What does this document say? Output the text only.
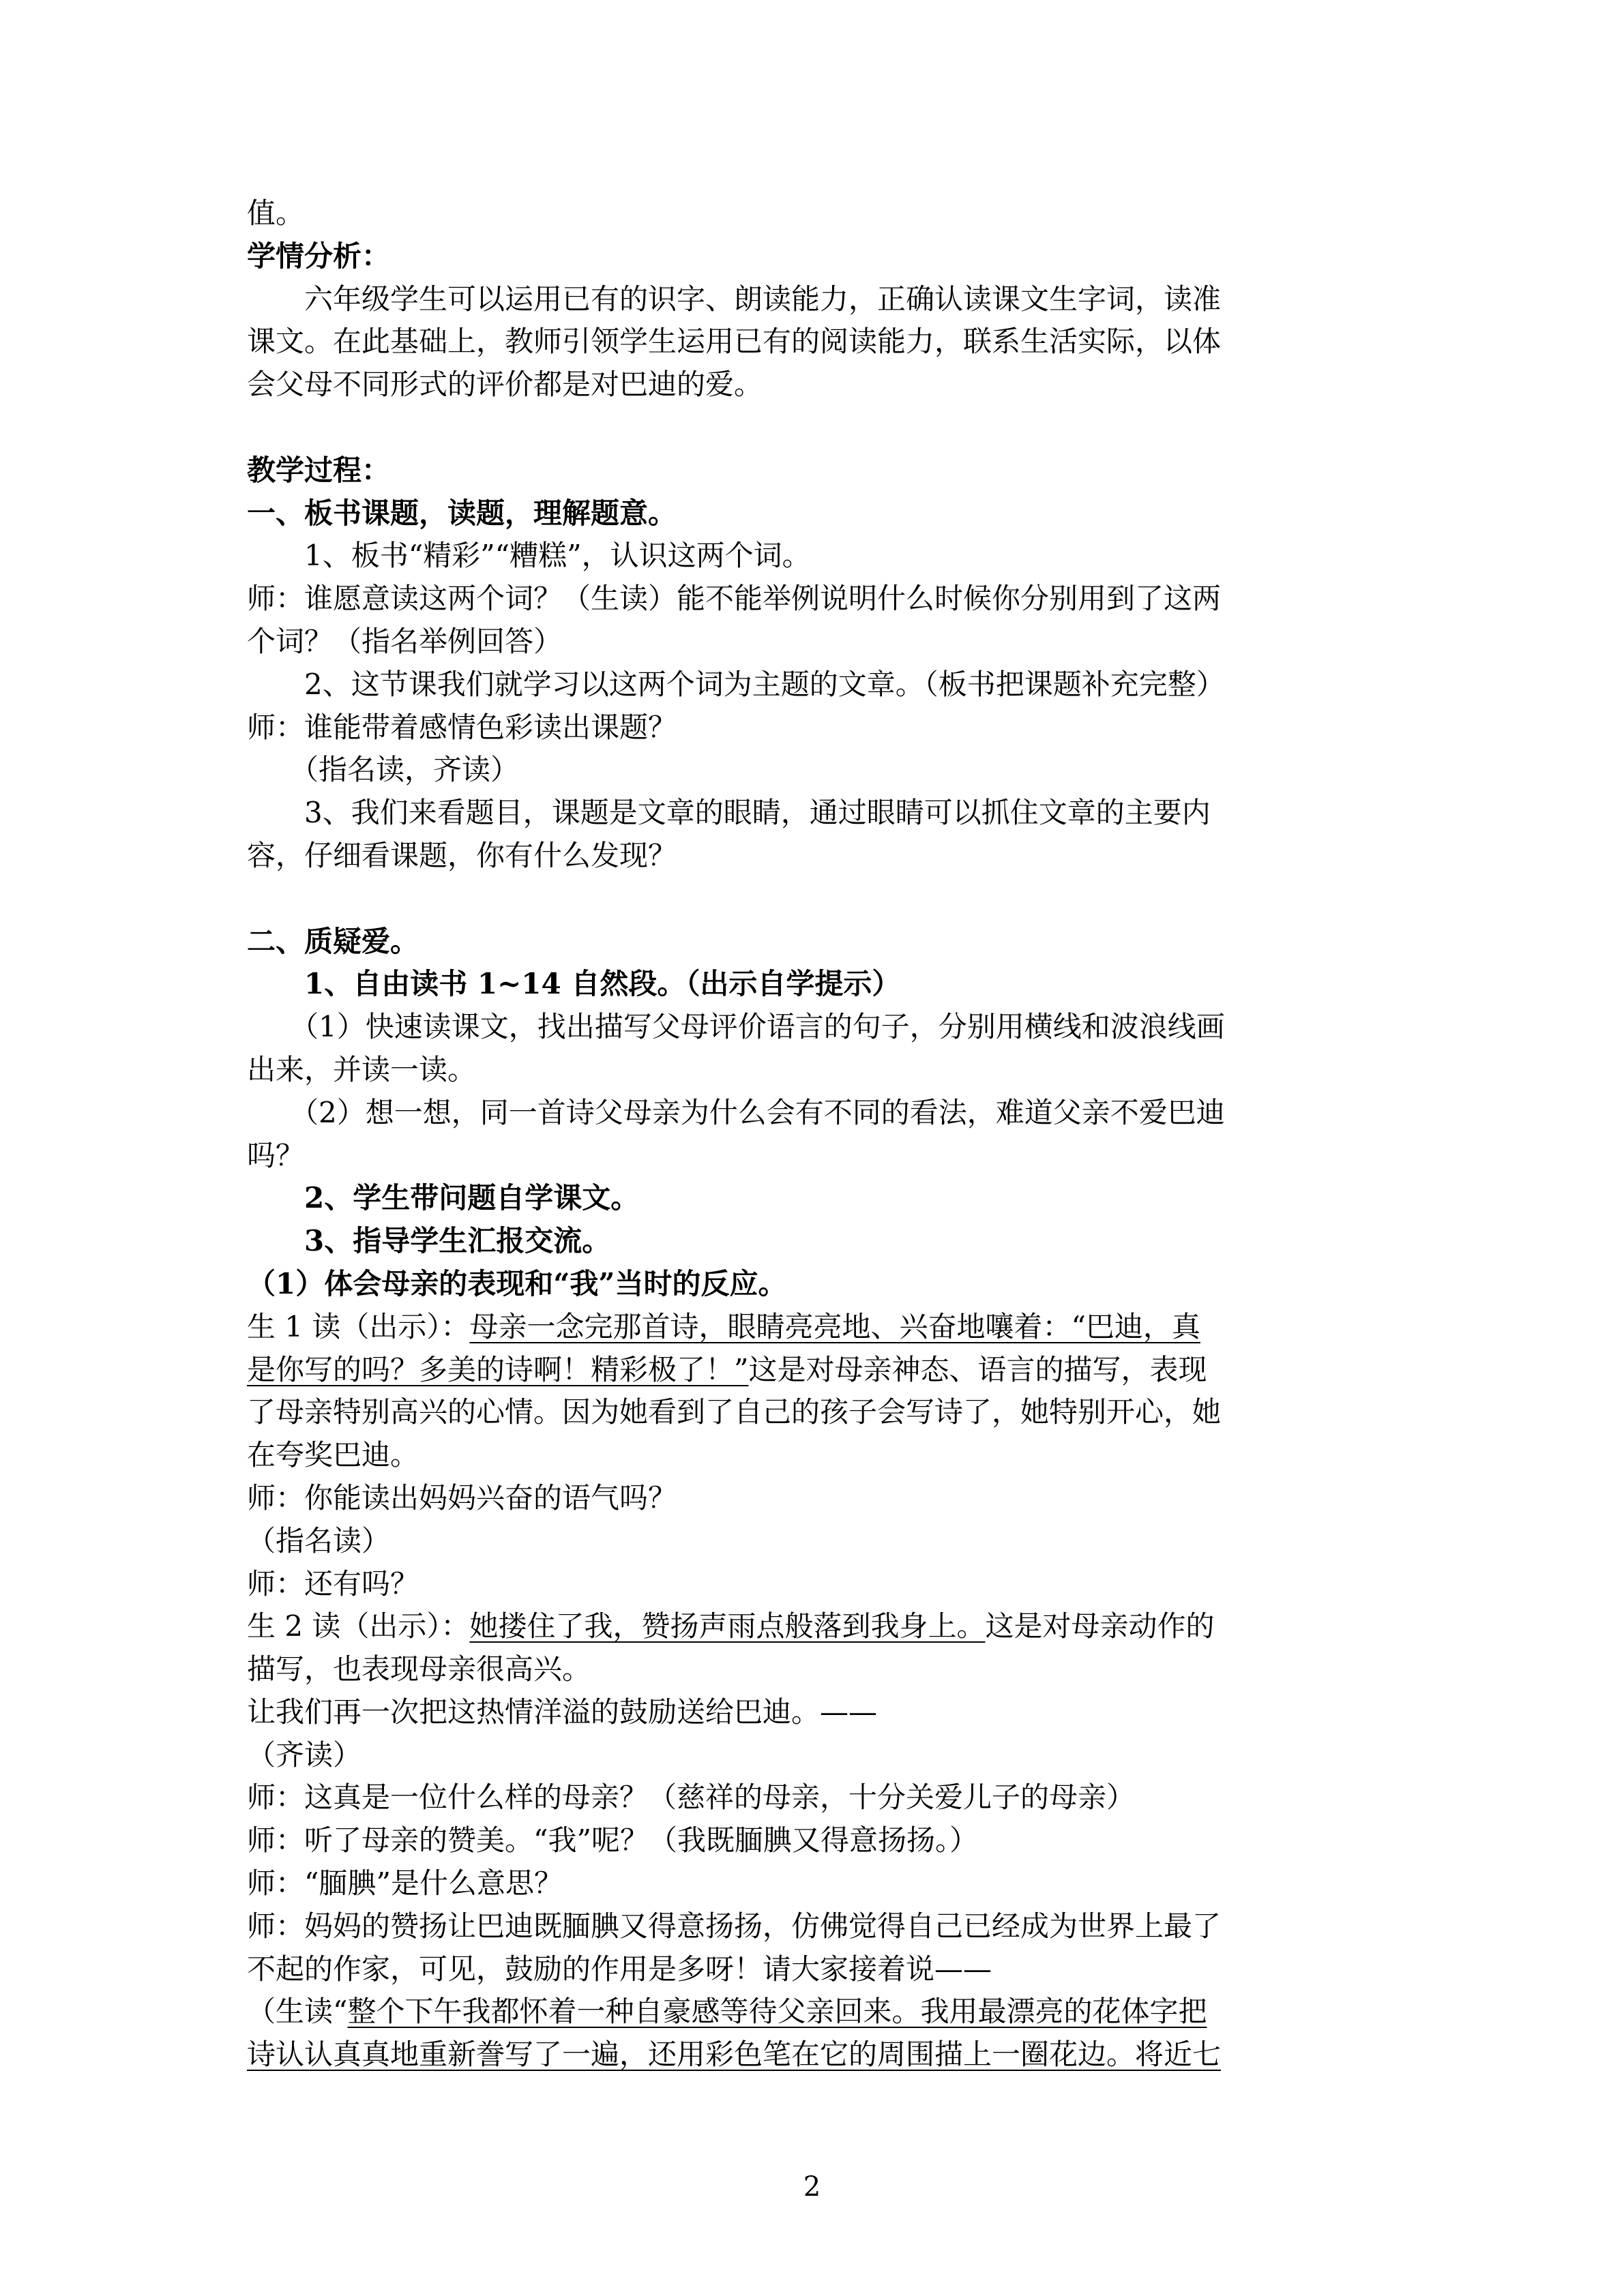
值。
学情分析：
　　六年级学生可以运用已有的识字、朗读能力，正确认读课文生字词，读准
课文。在此基础上，教师引领学生运用已有的阅读能力，联系生活实际，以体
会父母不同形式的评价都是对巴迪的爱。
教学过程：
一、板书课题，读题，理解题意。
　　1、板书“精彩”“糟糕”，认识这两个词。
师：谁愿意读这两个词？（生读）能不能举例说明什么时候你分别用到了这两
个词？（指名举例回答）
　　2、这节课我们就学习以这两个词为主题的文章。（板书把课题补充完整）
师：谁能带着感情色彩读出课题？
　　（指名读，齐读）
　　3、我们来看题目，课题是文章的眼睛，通过眼睛可以抓住文章的主要内
容，仔细看课题，你有什么发现？
二、质疑爱。
　　1、自由读书 1~14 自然段。（出示自学提示）
　　（1）快速读课文，找出描写父母评价语言的句子，分别用横线和波浪线画
出来，并读一读。
　　（2）想一想，同一首诗父母亲为什么会有不同的看法，难道父亲不爱巴迪
吗？
　　2、学生带问题自学课文。
　　3、指导学生汇报交流。
（1）体会母亲的表现和“我”当时的反应。
生 1 读（出示）：母亲一念完那首诗，眼睛亮亮地、兴奋地嚷着：“巴迪，真
是你写的吗？多美的诗啊！精彩极了！”这是对母亲神态、语言的描写，表现
了母亲特别高兴的心情。因为她看到了自己的孩子会写诗了，她特别开心，她
在夸奖巴迪。
师：你能读出妈妈兴奋的语气吗？
（指名读）
师：还有吗？
生 2 读（出示）：她搂住了我，赞扬声雨点般落到我身上。这是对母亲动作的
描写，也表现母亲很高兴。
让我们再一次把这热情洋溢的鼓励送给巴迪。——
（齐读）
师：这真是一位什么样的母亲？（慈祥的母亲，十分关爱儿子的母亲）
师：听了母亲的赞美。“我”呢？（我既腼腆又得意扬扬。）
师：“腼腆”是什么意思？
师：妈妈的赞扬让巴迪既腼腆又得意扬扬，仿佛觉得自己已经成为世界上最了
不起的作家，可见，鼓励的作用是多呀！请大家接着说——
（生读“整个下午我都怀着一种自豪感等待父亲回来。我用最漂亮的花体字把
诗认认真真地重新誊写了一遍，还用彩色笔在它的周围描上一圈花边。将近七
2
